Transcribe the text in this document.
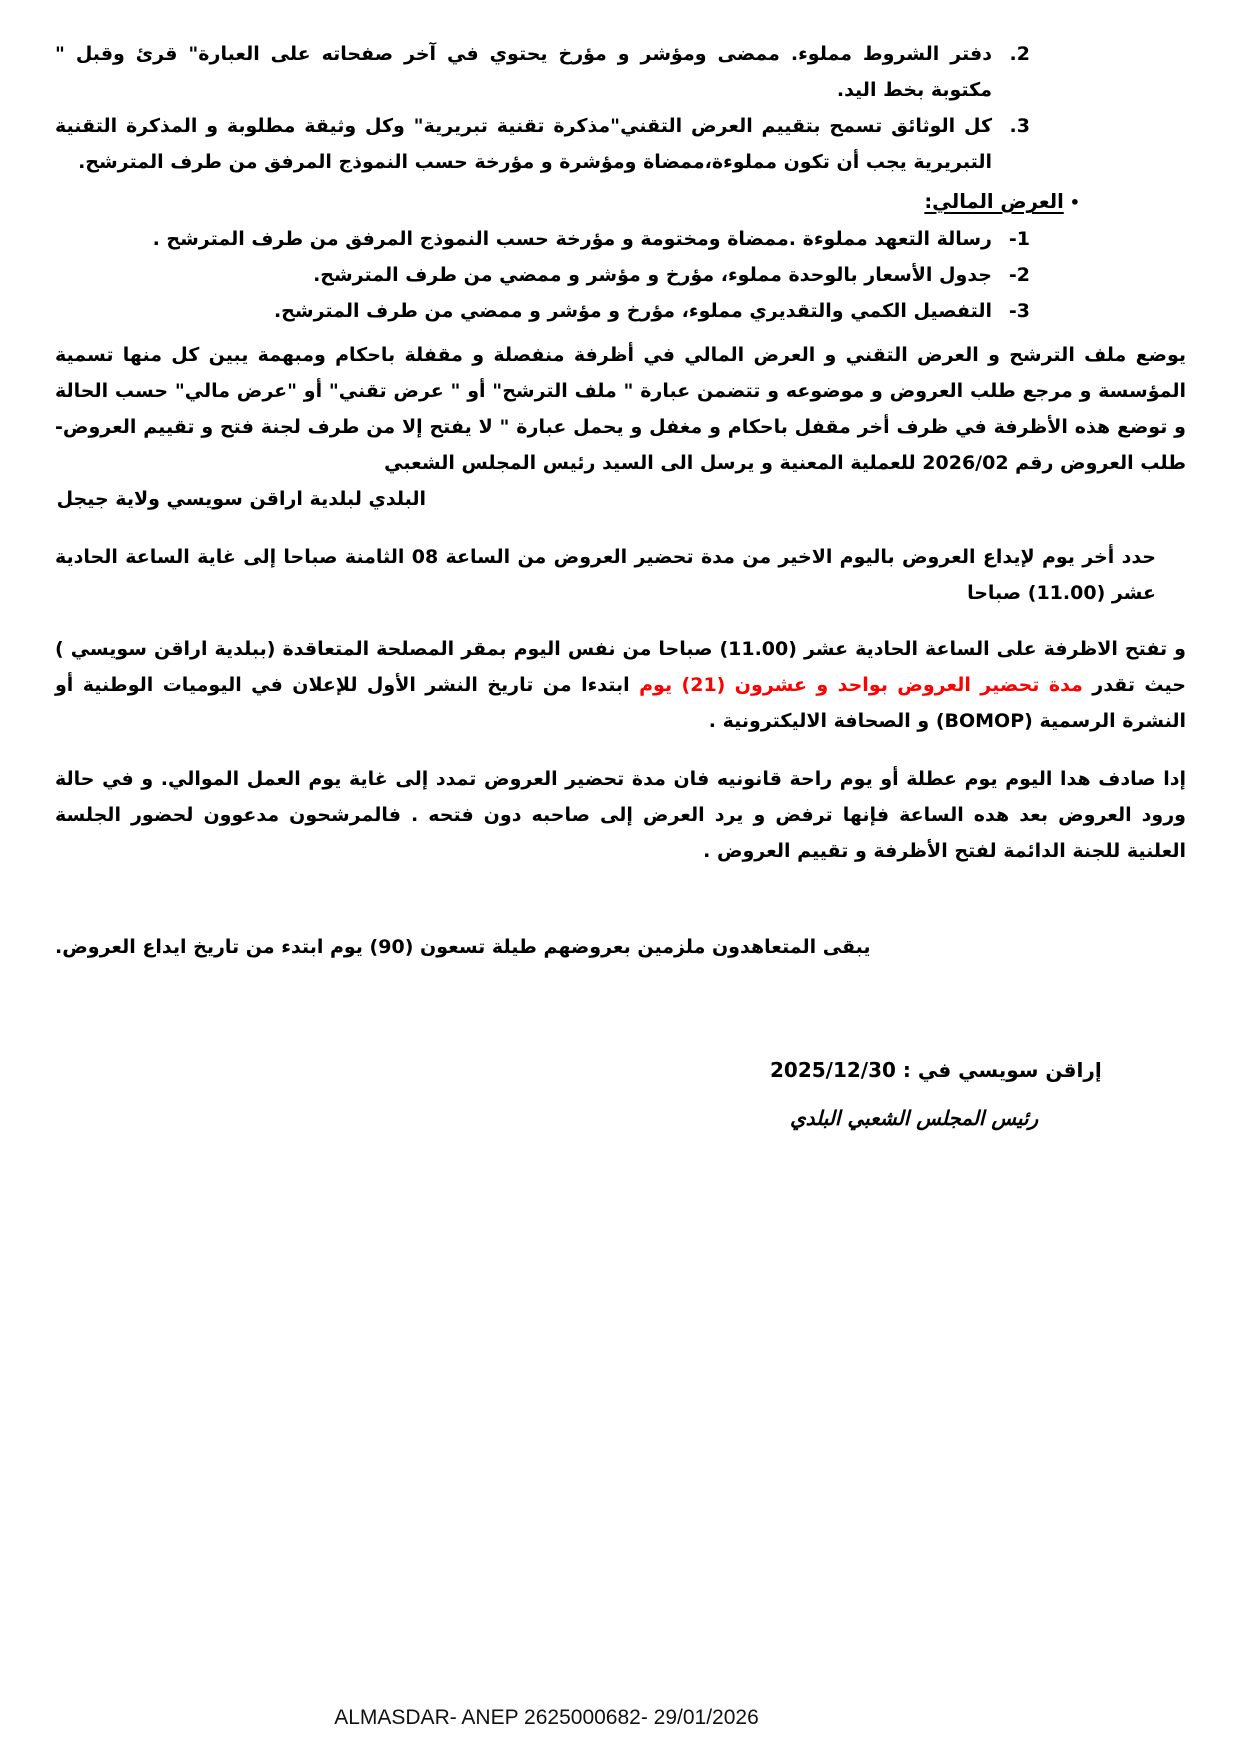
2.
دفتر الشروط مملوء. ممضى ومؤشر و مؤرخ يحتوي في آخر صفحاته على العبارة" قرئ وقبل " مكتوبة بخط اليد.
3.
كل الوثائق تسمح بتقييم العرض التقني"مذكرة تقنية تبريرية" وكل وثيقة مطلوبة و المذكرة التقنية التبريرية يجب أن تكون مملوءة،ممضاة ومؤشرة و مؤرخة حسب النموذج المرفق من طرف المترشح.
•العرض المالي:
1-
رسالة التعهد مملوءة .ممضاة ومختومة و مؤرخة حسب النموذج المرفق من طرف المترشح .
2-
جدول الأسعار بالوحدة مملوء، مؤرخ و مؤشر و ممضي من طرف المترشح.
3-
التفصيل الكمي والتقديري مملوء، مؤرخ و مؤشر و ممضي من طرف المترشح.
يوضع ملف الترشح و العرض التقني و العرض المالي في أظرفة منفصلة و مقفلة باحكام ومبهمة يبين كل منها تسمية المؤسسة و مرجع طلب العروض و موضوعه و تتضمن عبارة " ملف الترشح" أو " عرض تقني" أو "عرض مالي" حسب الحالة و توضع هذه الأظرفة في ظرف أخر مقفل باحكام و مغفل و يحمل عبارة " لا يفتح إلا من طرف لجنة فتح و تقييم العروض- طلب العروض رقم 2026/02 للعملية المعنية و يرسل الى السيد رئيس المجلس الشعبي
البلدي لبلدية اراقن سويسي ولاية جيجل
حدد أخر يوم لإيداع العروض باليوم الاخير من مدة تحضير العروض من الساعة 08 الثامنة صباحا إلى غاية الساعة الحادية عشر (11.00) صباحا
و تفتح الاظرفة على الساعة الحادية عشر (11.00) صباحا من نفس اليوم بمقر المصلحة المتعاقدة (ببلدية اراقن سويسي ) حيث تقدر مدة تحضير العروض بواحد و عشرون (21) يوم ابتدءا من تاريخ النشر الأول للإعلان في اليوميات الوطنية أو النشرة الرسمية (BOMOP) و الصحافة الاليكترونية .
إدا صادف هدا اليوم يوم عطلة أو يوم راحة قانونيه فان مدة تحضير العروض تمدد إلى غاية يوم العمل الموالي. و في حالة ورود العروض بعد هده الساعة فإنها ترفض و يرد العرض إلى صاحبه دون فتحه . فالمرشحون مدعوون لحضور الجلسة العلنية للجنة الدائمة لفتح الأظرفة و تقييم العروض .
يبقى المتعاهدون ملزمين بعروضهم طيلة تسعون (90) يوم ابتدء من تاريخ ايداع العروض.
إراقن سويسي في : 2025/12/30
رئيس المجلس الشعبي البلدي
ALMASDAR- ANEP 2625000682- 29/01/2026
